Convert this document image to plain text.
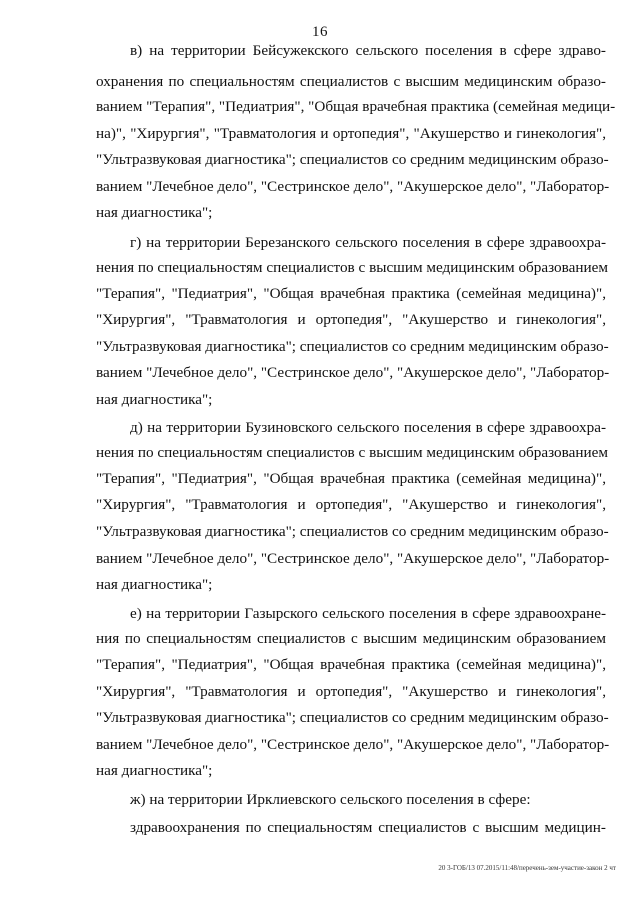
16
в) на территории Бейсужекского сельского поселения в сфере здраво-
охранения по специальностям специалистов с высшим медицинским образо-
ванием "Терапия", "Педиатрия", "Общая врачебная практика (семейная медици-
на)", "Хирургия", "Травматология и ортопедия", "Акушерство и гинекология",
"Ультразвуковая диагностика"; специалистов со средним медицинским образо-
ванием "Лечебное дело", "Сестринское дело", "Акушерское дело", "Лаборатор-
ная диагностика";
г) на территории Березанского сельского поселения в сфере здравоохра-
нения по специальностям специалистов с высшим медицинским образованием
"Терапия", "Педиатрия", "Общая врачебная практика (семейная медицина)",
"Хирургия", "Травматология и ортопедия", "Акушерство и гинекология",
"Ультразвуковая диагностика"; специалистов со средним медицинским образо-
ванием "Лечебное дело", "Сестринское дело", "Акушерское дело", "Лаборатор-
ная диагностика";
д) на территории Бузиновского сельского поселения в сфере здравоохра-
нения по специальностям специалистов с высшим медицинским образованием
"Терапия", "Педиатрия", "Общая врачебная практика (семейная медицина)",
"Хирургия", "Травматология и ортопедия", "Акушерство и гинекология",
"Ультразвуковая диагностика"; специалистов со средним медицинским образо-
ванием "Лечебное дело", "Сестринское дело", "Акушерское дело", "Лаборатор-
ная диагностика";
е) на территории Газырского сельского поселения в сфере здравоохране-
ния по специальностям специалистов с высшим медицинским образованием
"Терапия", "Педиатрия", "Общая врачебная практика (семейная медицина)",
"Хирургия", "Травматология и ортопедия", "Акушерство и гинекология",
"Ультразвуковая диагностика"; специалистов со средним медицинским образо-
ванием "Лечебное дело", "Сестринское дело", "Акушерское дело", "Лаборатор-
ная диагностика";
ж) на территории Ирклиевского сельского поселения в сфере:
здравоохранения по специальностям специалистов с высшим медицин-
20 3-ГОБ/13 07.2015/11:48/перечень-зем-участие-закон 2 чт
